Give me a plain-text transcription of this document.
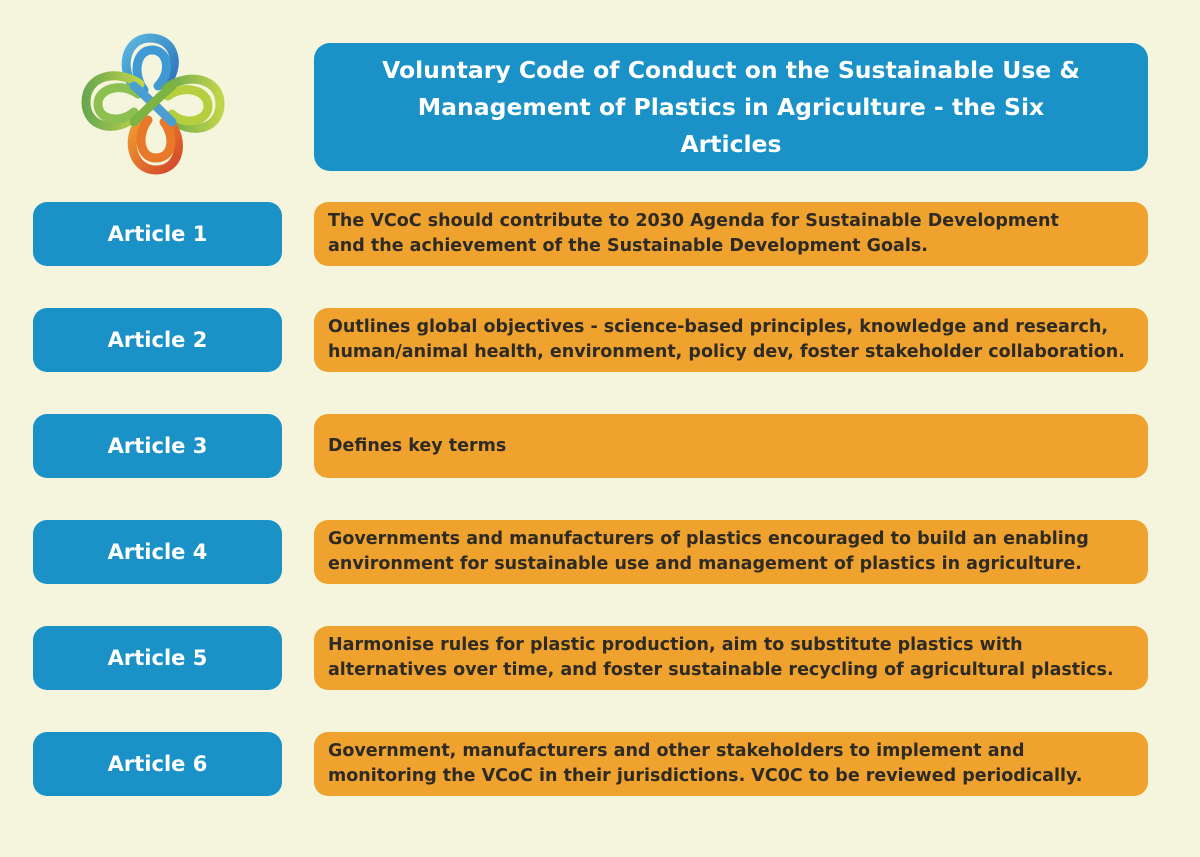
Voluntary Code of Conduct on the Sustainable Use &
Management of Plastics in Agriculture - the Six
Articles
Article 1
The VCoC should contribute to 2030 Agenda for Sustainable Development
and the achievement of the Sustainable Development Goals.
Article 2
Outlines global objectives - science-based principles, knowledge and research,
human/animal health, environment, policy dev, foster stakeholder collaboration.
Article 3	Defines key terms
Article 4
Governments and manufacturers of plastics encouraged to build an enabling
environment for sustainable use and management of plastics in agriculture.
Article 5
Harmonise rules for plastic production, aim to substitute plastics with
alternatives over time, and foster sustainable recycling of agricultural plastics.
Article 6
Government, manufacturers and other stakeholders to implement and
monitoring the VCoC in their jurisdictions. VC0C to be reviewed periodically.
